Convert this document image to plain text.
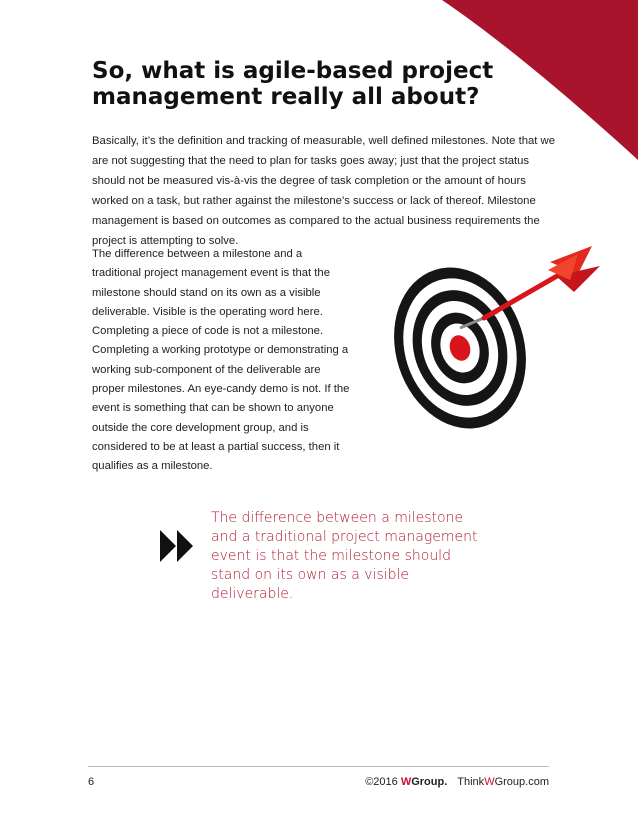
So, what is agile-based project management really all about?

Basically, it’s the definition and tracking of measurable, well defined milestones. Note that we are not suggesting that the need to plan for tasks goes away; just that the project status should not be measured vis-à-vis the degree of task completion or the amount of hours worked on a task, but rather against the milestone’s success or lack of thereof. Milestone management is based on outcomes as compared to the actual business requirements the project is attempting to solve.

The difference between a milestone and a traditional project management event is that the milestone should stand on its own as a visible deliverable. Visible is the operating word here. Completing a piece of code is not a milestone. Completing a working prototype or demonstrating a working sub-component of the deliverable are proper milestones. An eye-candy demo is not. If the event is something that can be shown to anyone outside the core development group, and is considered to be at least a partial success, then it qualifies as a milestone.

The difference between a milestone and a traditional project management event is that the milestone should stand on its own as a visible deliverable.

6	©2016 WGroup. ThinkWGroup.com
